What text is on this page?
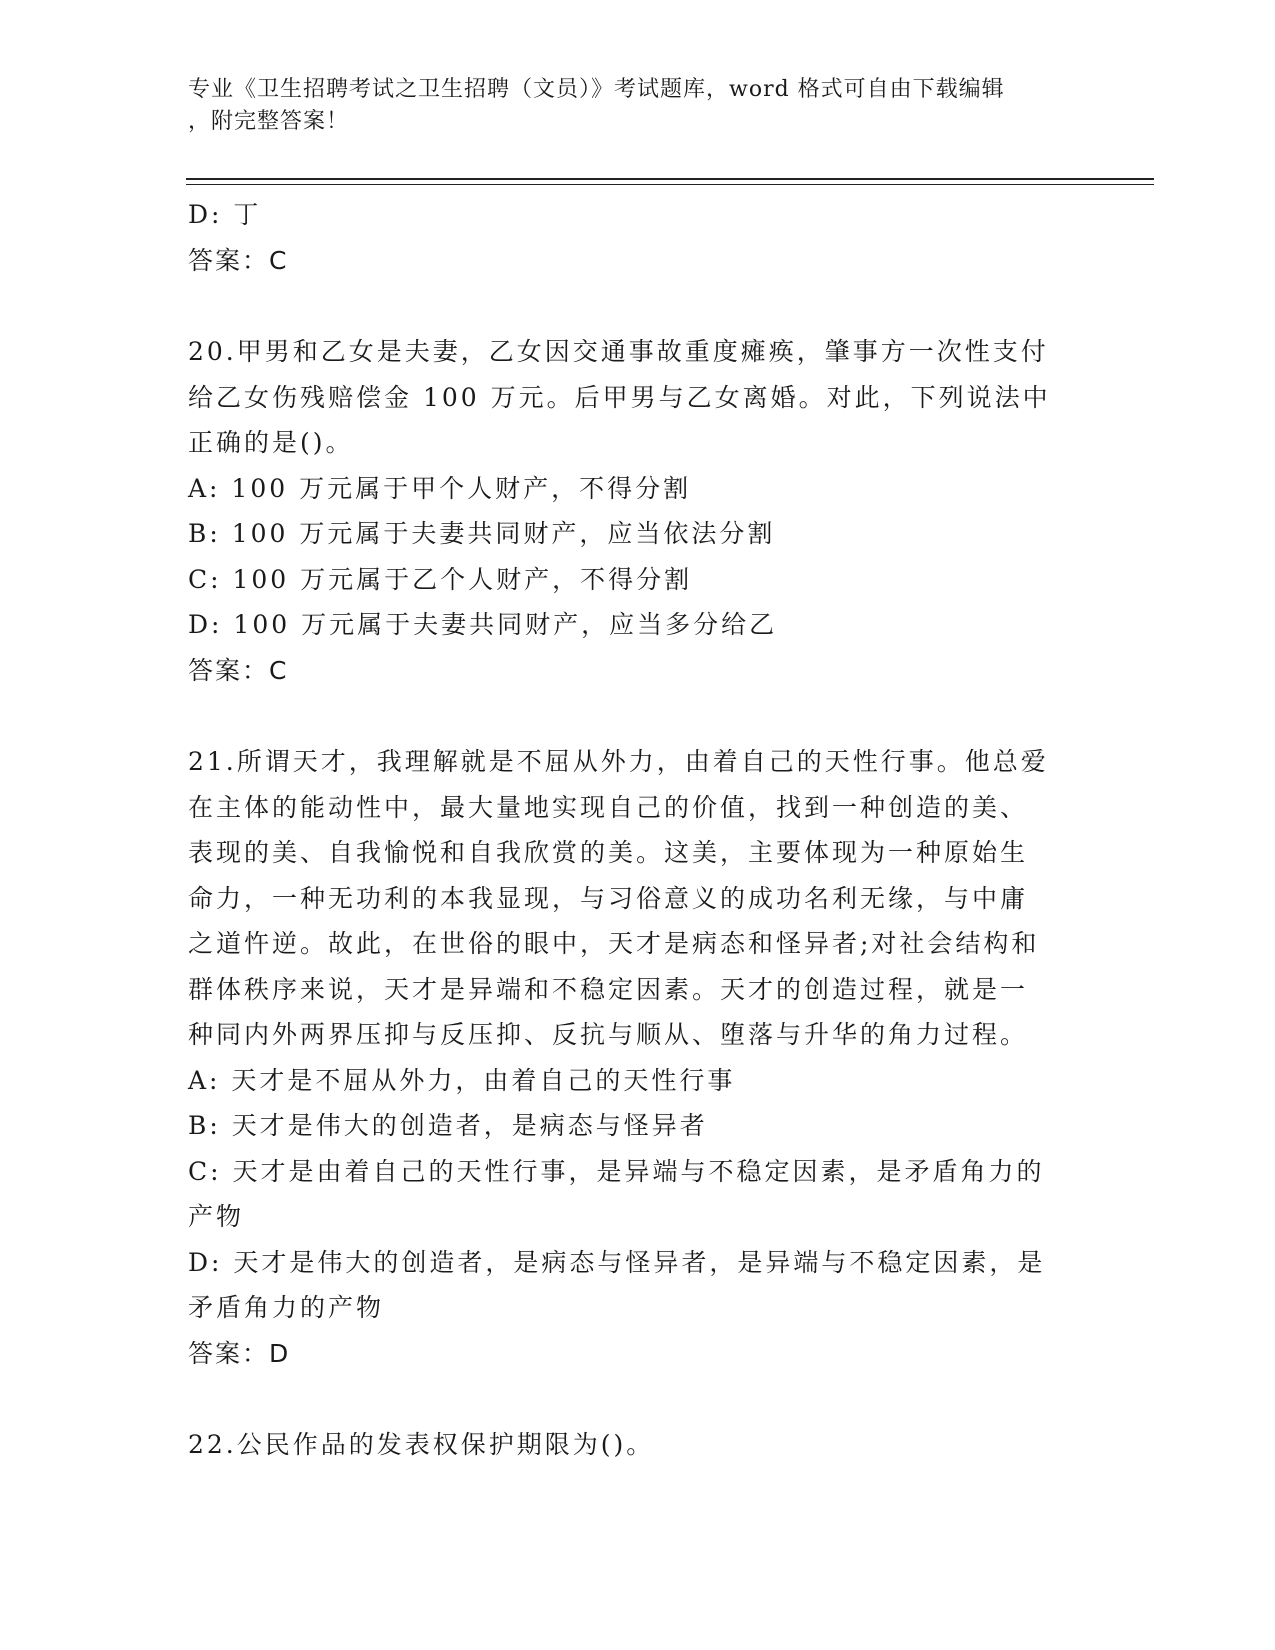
专业《卫生招聘考试之卫生招聘（文员）》考试题库，word 格式可自由下载编辑
，附完整答案！
D: 丁
答案：C
20.甲男和乙女是夫妻，乙女因交通事故重度瘫痪，肇事方一次性支付
给乙女伤残赔偿金 100 万元。后甲男与乙女离婚。对此，下列说法中
正确的是()。
A: 100 万元属于甲个人财产，不得分割
B: 100 万元属于夫妻共同财产，应当依法分割
C: 100 万元属于乙个人财产，不得分割
D: 100 万元属于夫妻共同财产，应当多分给乙
答案：C
21.所谓天才，我理解就是不屈从外力，由着自己的天性行事。他总爱
在主体的能动性中，最大量地实现自己的价值，找到一种创造的美、
表现的美、自我愉悦和自我欣赏的美。这美，主要体现为一种原始生
命力，一种无功利的本我显现，与习俗意义的成功名利无缘，与中庸
之道忤逆。故此，在世俗的眼中，天才是病态和怪异者;对社会结构和
群体秩序来说，天才是异端和不稳定因素。天才的创造过程，就是一
种同内外两界压抑与反压抑、反抗与顺从、堕落与升华的角力过程。
A: 天才是不屈从外力，由着自己的天性行事
B: 天才是伟大的创造者，是病态与怪异者
C: 天才是由着自己的天性行事，是异端与不稳定因素，是矛盾角力的
产物
D: 天才是伟大的创造者，是病态与怪异者，是异端与不稳定因素，是
矛盾角力的产物
答案：D
22.公民作品的发表权保护期限为()。
